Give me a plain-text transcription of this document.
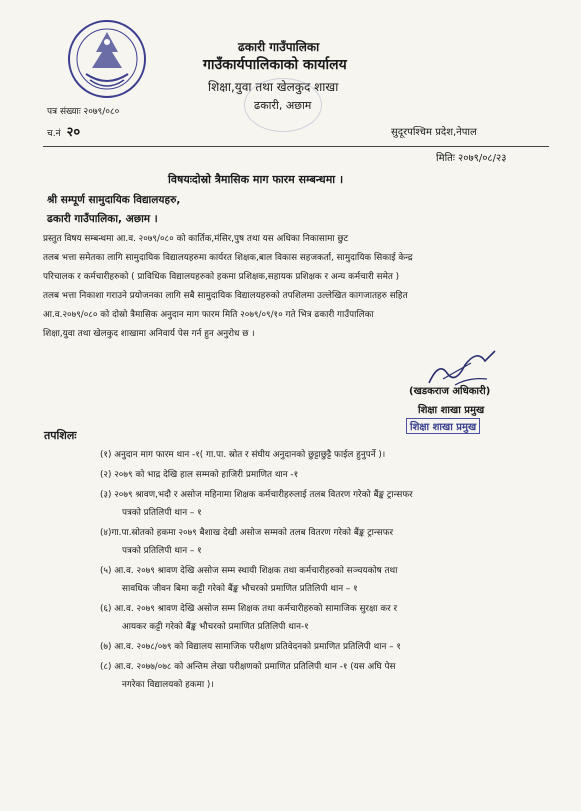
ढकारी गाउँपालिका
गाउँकार्यपालिकाको कार्यालय
शिक्षा,युवा तथा खेलकुद शाखा
ढकारी, अछाम
पत्र संख्याः २०७९/०८०
च.नं २०	सुदूरपश्चिम प्रदेश,नेपाल
मितिः २०७९/०८/२३
विषयःदोस्रो त्रैमासिक माग फारम सम्बन्धमा ।
श्री सम्पूर्ण सामुदायिक विद्यालयहरु,
ढकारी गाउँपालिका, अछाम ।
प्रस्तुत विषय सम्बन्धमा आ.व. २०७९/०८० को कार्तिक,मंसिर,पुष तथा यस अधिका निकासामा छुट
तलब भत्ता समेतका लागि सामुदायिक विद्यालयहरुमा कार्यरत शिक्षक,बाल विकास सहजकर्ता, सामुदायिक सिकाई केन्द्र
परिचालक र कर्मचारीहरुको ( प्राविधिक विद्यालयहरुको हकमा प्रशिक्षक,सहायक प्रशिक्षक र अन्य कर्मचारी समेत )
तलब भत्ता निकाशा गराउने प्रयोजनका लागि सबै सामुदायिक विद्यालयहरुको तपशिलमा उल्लेखित कागजातहरु सहित
आ.व.२०७९/०८० को दोस्रो त्रैमासिक अनुदान माग फारम मिति २०७९/०९/१० गते भित्र ढकारी गाउँपालिका
शिक्षा,युवा तथा खेलकुद शाखामा अनिवार्य पेस गर्न हुन अनुरोध छ ।
(खडकराज अधिकारी)
शिक्षा शाखा प्रमुख
शिक्षा शाखा प्रमुख
तपशिलः
(१) अनुदान माग फारम थान -१( गा.पा. स्रोत र संघीय अनुदानको छुट्टाछुट्टै फाईल हुनुपर्ने )।
(२) २०७९ को भाद्र देखि हाल सम्मको हाजिरी प्रमाणित थान -१
(३) २०७९ श्रावण,भदौ र असोज महिनामा शिक्षक कर्मचारीहरुलाई तलब वितरण गरेको बैंङ्क ट्रान्सफर
पत्रको प्रतिलिपी थान – १
(४)गा.पा.स्रोतको हकमा २०७९ बैशाख देखी असोज सम्मको तलब वितरण गरेको बैंङ्क ट्रान्सफर
पत्रको प्रतिलिपी थान – १
(५) आ.व. २०७९ श्रावण देखि असोज सम्म स्थायी शिक्षक तथा कर्मचारीहरुको सञ्चयकोष तथा
सावधिक जीवन बिमा कट्टी गरेको बैंङ्क भौचरको प्रमाणित प्रतिलिपी थान – १
(६) आ.व. २०७९ श्रावण देखि असोज सम्म शिक्षक तथा कर्मचारीहरुको सामाजिक सुरक्षा कर र
आयकर कट्टी गरेको बैंङ्क भौचरको प्रमाणित प्रतिलिपी थान-१
(७) आ.व. २०७८/०७९ को विद्यालय सामाजिक परीक्षण प्रतिवेदनको प्रमाणित प्रतिलिपी थान – १
(८) आ.व. २०७७/०७८ को अन्तिम लेखा परीक्षणको प्रमाणित प्रतिलिपी थान -१ (यस अघि पेस
नगरेका विद्यालयको हकमा )।
